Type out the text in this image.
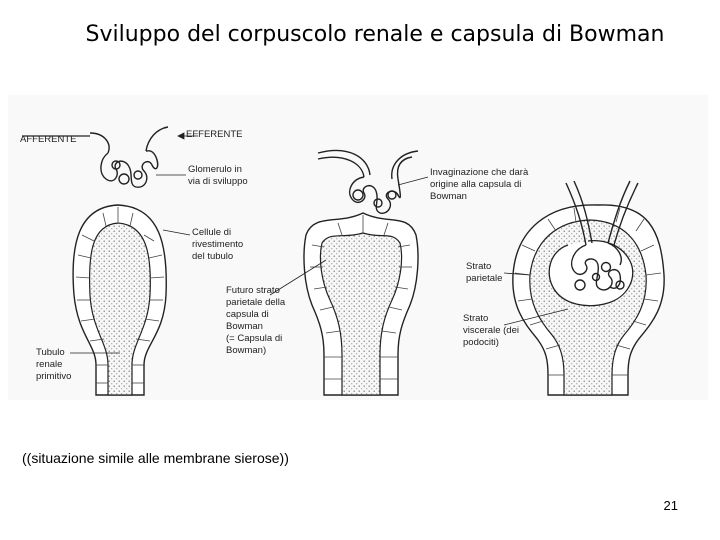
Sviluppo del corpuscolo renale e capsula di Bowman
AFFERENTE	EFFERENTE
Glomerulo in
via di sviluppo
Cellule di
rivestimento
del tubulo
Futuro strato
parietale della
capsula di
Bowman
(= Capsula di
Bowman)
Tubulo
renale
primitivo
Invaginazione che darà
origine alla capsula di
Bowman
Strato
parietale
Strato
viscerale (dei
podociti)
((situazione simile alle membrane sierose))
21
